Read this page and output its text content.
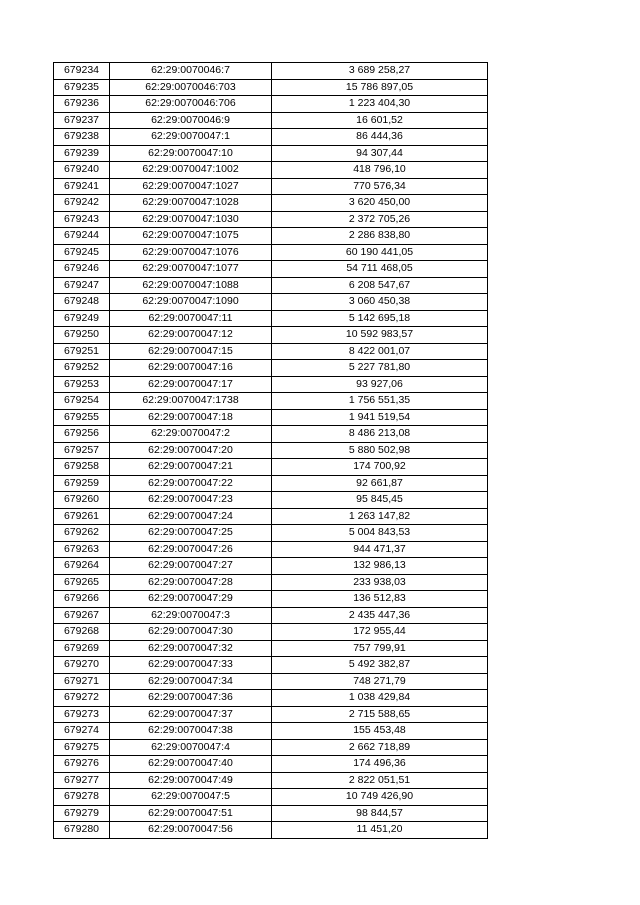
679234	62:29:0070046:7	3 689 258,27
679235	62:29:0070046:703	15 786 897,05
679236	62:29:0070046:706	1 223 404,30
679237	62:29:0070046:9	16 601,52
679238	62:29:0070047:1	86 444,36
679239	62:29:0070047:10	94 307,44
679240	62:29:0070047:1002	418 796,10
679241	62:29:0070047:1027	770 576,34
679242	62:29:0070047:1028	3 620 450,00
679243	62:29:0070047:1030	2 372 705,26
679244	62:29:0070047:1075	2 286 838,80
679245	62:29:0070047:1076	60 190 441,05
679246	62:29:0070047:1077	54 711 468,05
679247	62:29:0070047:1088	6 208 547,67
679248	62:29:0070047:1090	3 060 450,38
679249	62:29:0070047:11	5 142 695,18
679250	62:29:0070047:12	10 592 983,57
679251	62:29:0070047:15	8 422 001,07
679252	62:29:0070047:16	5 227 781,80
679253	62:29:0070047:17	93 927,06
679254	62:29:0070047:1738	1 756 551,35
679255	62:29:0070047:18	1 941 519,54
679256	62:29:0070047:2	8 486 213,08
679257	62:29:0070047:20	5 880 502,98
679258	62:29:0070047:21	174 700,92
679259	62:29:0070047:22	92 661,87
679260	62:29:0070047:23	95 845,45
679261	62:29:0070047:24	1 263 147,82
679262	62:29:0070047:25	5 004 843,53
679263	62:29:0070047:26	944 471,37
679264	62:29:0070047:27	132 986,13
679265	62:29:0070047:28	233 938,03
679266	62:29:0070047:29	136 512,83
679267	62:29:0070047:3	2 435 447,36
679268	62:29:0070047:30	172 955,44
679269	62:29:0070047:32	757 799,91
679270	62:29:0070047:33	5 492 382,87
679271	62:29:0070047:34	748 271,79
679272	62:29:0070047:36	1 038 429,84
679273	62:29:0070047:37	2 715 588,65
679274	62:29:0070047:38	155 453,48
679275	62:29:0070047:4	2 662 718,89
679276	62:29:0070047:40	174 496,36
679277	62:29:0070047:49	2 822 051,51
679278	62:29:0070047:5	10 749 426,90
679279	62:29:0070047:51	98 844,57
679280	62:29:0070047:56	11 451,20
